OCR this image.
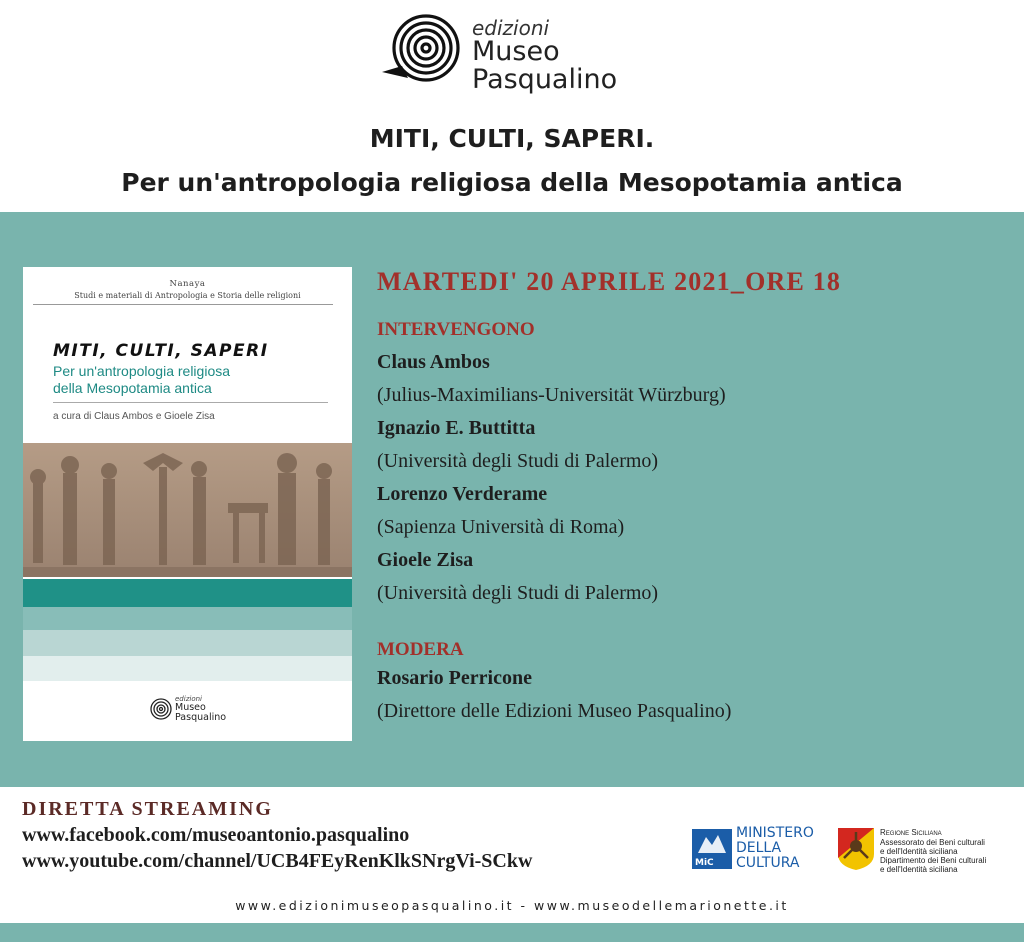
edizioni
Museo
Pasqualino
MITI, CULTI, SAPERI.
Per un'antropologia religiosa della Mesopotamia antica
Nanaya
Studi e materiali di Antropologia e Storia delle religioni
MITI, CULTI, SAPERI
Per un'antropologia religiosa
della Mesopotamia antica
a cura di Claus Ambos e Gioele Zisa
edizioni
Museo
Pasqualino
MARTEDI' 20 APRILE 2021_ORE 18
INTERVENGONO
Claus Ambos
(Julius-Maximilians-Universität Würzburg)
Ignazio E. Buttitta
(Università degli Studi di Palermo)
Lorenzo Verderame
(Sapienza Università di Roma)
Gioele Zisa
(Università degli Studi di Palermo)
MODERA
Rosario Perricone
(Direttore delle Edizioni Museo Pasqualino)
DIRETTA STREAMING
www.facebook.com/museoantonio.pasqualino
www.youtube.com/channel/UCB4FEyRenKlkSNrgVi-SCkw	MiC
MINISTERO
DELLA
CULTURA
Regione Siciliana
Assessorato dei Beni culturali
e dell'Identità siciliana
Dipartimento dei Beni culturali
e dell'Identità siciliana
www.edizionimuseopasqualino.it - www.museodellemarionette.it
